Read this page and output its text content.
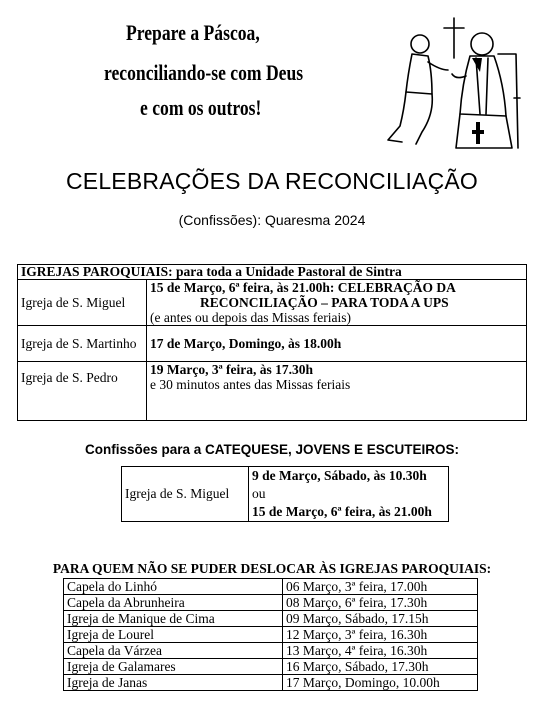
Prepare a Páscoa,
reconciliando-se com Deus
e com os outros!
CELEBRAÇÕES DA RECONCILIAÇÃO
(Confissões): Quaresma 2024
IGREJAS PAROQUIAIS: para toda a Unidade Pastoral de Sintra	
Igreja de S. Miguel	15 de Março, 6ª feira, às 21.00h: CELEBRAÇÃO DA
RECONCILIAÇÃO – PARA TODA A UPS
(e antes ou depois das Missas feriais)

Igreja de S. Martinho	17 de Março, Domingo, às 18.00h
Igreja de S. Pedro	19 Março, 3ª feira, às 17.30h
e 30 minutos antes das Missas feriais
Confissões para a CATEQUESE, JOVENS E ESCUTEIROS:
Igreja de S. Miguel	
9 de Março, Sábado, às 10.30h
ou
15 de Março, 6ª feira, às 21.00h
PARA QUEM NÃO SE PUDER DESLOCAR ÀS IGREJAS PAROQUIAIS:
Capela do Linhó	06 Março, 3ª feira, 17.00h
Capela da Abrunheira	08 Março, 6ª feira, 17.30h
Igreja de Manique de Cima	09 Março, Sábado, 17.15h
Igreja de Lourel	12 Março, 3ª feira, 16.30h
Capela da Várzea	13 Março, 4ª feira, 16.30h
Igreja de Galamares	16 Março, Sábado, 17.30h
Igreja de Janas	17 Março, Domingo, 10.00h
